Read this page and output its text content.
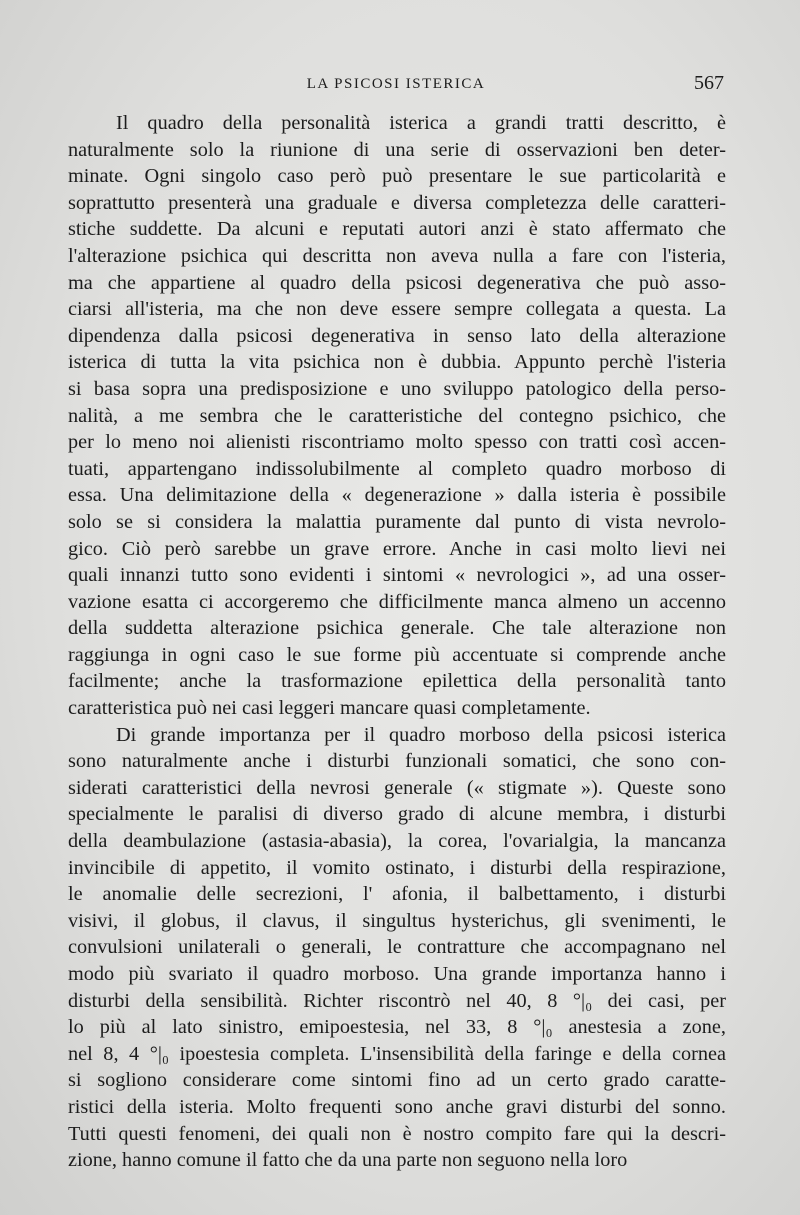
LA PSICOSI ISTERICA	567
Il quadro della personalità isterica a grandi tratti descritto, è
naturalmente solo la riunione di una serie di osservazioni ben deter-
minate. Ogni singolo caso però può presentare le sue particolarità e
soprattutto presenterà una graduale e diversa completezza delle caratteri-
stiche suddette. Da alcuni e reputati autori anzi è stato affermato che
l'alterazione psichica qui descritta non aveva nulla a fare con l'isteria,
ma che appartiene al quadro della psicosi degenerativa che può asso-
ciarsi all'isteria, ma che non deve essere sempre collegata a questa. La
dipendenza dalla psicosi degenerativa in senso lato della alterazione
isterica di tutta la vita psichica non è dubbia. Appunto perchè l'isteria
si basa sopra una predisposizione e uno sviluppo patologico della perso-
nalità, a me sembra che le caratteristiche del contegno psichico, che
per lo meno noi alienisti riscontriamo molto spesso con tratti così accen-
tuati, appartengano indissolubilmente al completo quadro morboso di
essa. Una delimitazione della « degenerazione » dalla isteria è possibile
solo se si considera la malattia puramente dal punto di vista nevrolo-
gico. Ciò però sarebbe un grave errore. Anche in casi molto lievi nei
quali innanzi tutto sono evidenti i sintomi « nevrologici », ad una osser-
vazione esatta ci accorgeremo che difficilmente manca almeno un accenno
della suddetta alterazione psichica generale. Che tale alterazione non
raggiunga in ogni caso le sue forme più accentuate si comprende anche
facilmente; anche la trasformazione epilettica della personalità tanto
caratteristica può nei casi leggeri mancare quasi completamente.
Di grande importanza per il quadro morboso della psicosi isterica
sono naturalmente anche i disturbi funzionali somatici, che sono con-
siderati caratteristici della nevrosi generale (« stigmate »). Queste sono
specialmente le paralisi di diverso grado di alcune membra, i disturbi
della deambulazione (astasia-abasia), la corea, l'ovarialgia, la mancanza
invincibile di appetito, il vomito ostinato, i disturbi della respirazione,
le anomalie delle secrezioni, l' afonia, il balbettamento, i disturbi
visivi, il globus, il clavus, il singultus hysterichus, gli svenimenti, le
convulsioni unilaterali o generali, le contratture che accompagnano nel
modo più svariato il quadro morboso. Una grande importanza hanno i
disturbi della sensibilità. Richter riscontrò nel 40, 8 °|₀ dei casi, per
lo più al lato sinistro, emipoestesia, nel 33, 8 °|₀ anestesia a zone,
nel 8, 4 °|₀ ipoestesia completa. L'insensibilità della faringe e della cornea
si sogliono considerare come sintomi fino ad un certo grado caratte-
ristici della isteria. Molto frequenti sono anche gravi disturbi del sonno.
Tutti questi fenomeni, dei quali non è nostro compito fare qui la descri-
zione, hanno comune il fatto che da una parte non seguono nella loro
